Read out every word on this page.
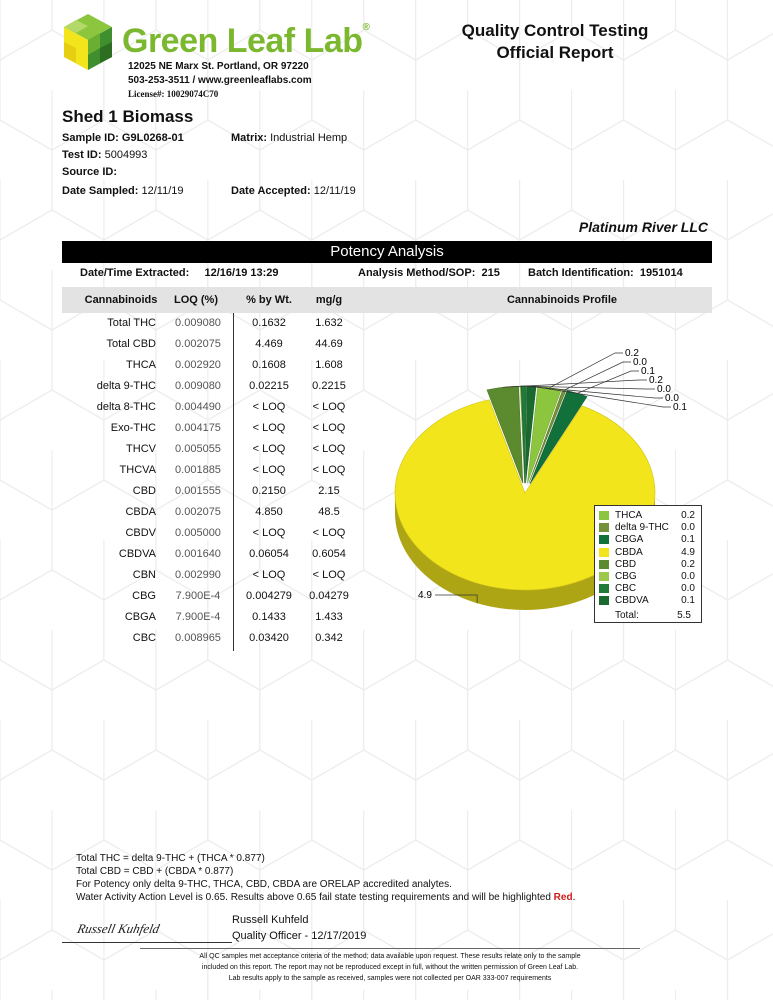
Green Leaf Lab®
12025 NE Marx St. Portland, OR 97220
503-253-3511 / www.greenleaflabs.com
License#: 10029074C70
Quality Control Testing
Official Report
Shed 1 Biomass
Sample ID: G9L0268-01	Matrix: Industrial Hemp
Test ID: 5004993
Source ID:
Date Sampled: 12/11/19	Date Accepted: 12/11/19
Platinum River LLC
Potency Analysis
Date/Time Extracted: 12/16/19 13:29	Analysis Method/SOP: 215	Batch Identification: 1951014
Cannabinoids	LOQ (%)	% by Wt.	mg/g	Cannabinoids Profile
Total THC	0.009080	0.1632	1.632
Total CBD	0.002075	4.469	44.69
THCA	0.002920	0.1608	1.608
delta 9-THC	0.009080	0.02215	0.2215
delta 8-THC	0.004490	< LOQ	< LOQ
Exo-THC	0.004175	< LOQ	< LOQ
THCV	0.005055	< LOQ	< LOQ
THCVA	0.001885	< LOQ	< LOQ
CBD	0.001555	0.2150	2.15
CBDA	0.002075	4.850	48.5
CBDV	0.005000	< LOQ	< LOQ
CBDVA	0.001640	0.06054	0.6054
CBN	0.002990	< LOQ	< LOQ
CBG	7.900E-4	0.004279	0.04279
CBGA	7.900E-4	0.1433	1.433
CBC	0.008965	0.03420	0.342
0.2
0.0
0.1
0.2
0.0
0.0
0.1
4.9
THCA	0.2
delta 9-THC 0.0
CBGA	0.1
CBDA	4.9
CBD	0.2
CBG	0.0
CBC	0.0
CBDVA	0.1
Total:	5.5
Total THC = delta 9-THC + (THCA * 0.877)
Total CBD = CBD + (CBDA * 0.877)
For Potency only delta 9-THC, THCA, CBD, CBDA are ORELAP accredited analytes.
Water Activity Action Level is 0.65. Results above 0.65 fail state testing requirements and will be highlighted Red.
Russell Kuhfeld
Russell Kuhfeld
Quality Officer - 12/17/2019
All QC samples met acceptance criteria of the method; data available upon request. These results relate only to the sample
included on this report. The report may not be reproduced except in full, without the written permission of Green Leaf Lab.
Lab results apply to the sample as received, samples were not collected per OAR 333-007 requirements
